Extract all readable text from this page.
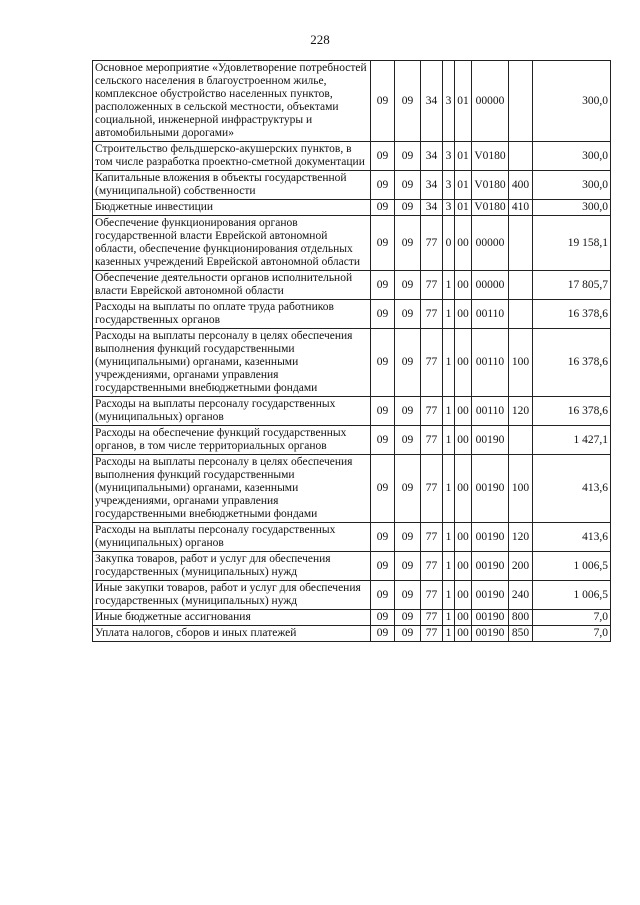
228
Основное мероприятие «Удовлетворение потребностей сельского населения в благоустроенном жилье, комплексное обустройство населенных пунктов, расположенных в сельской местности, объектами социальной, инженерной инфраструктуры и автомобильными дорогами»	09	09	34	3	01	00000		300,0
Строительство фельдшерско-акушерских пунктов, в том числе разработка проектно-сметной документации	09	09	34	3	01	V0180		300,0
Капитальные вложения в объекты государственной (муниципальной) собственности	09	09	34	3	01	V0180	400	300,0
Бюджетные инвестиции	09	09	34	3	01	V0180	410	300,0
Обеспечение функционирования органов государственной власти Еврейской автономной области, обеспечение функционирования отдельных казенных учреждений Еврейской автономной области	09	09	77	0	00	00000		19 158,1
Обеспечение деятельности органов исполнительной власти Еврейской автономной области	09	09	77	1	00	00000		17 805,7
Расходы на выплаты по оплате труда работников государственных органов	09	09	77	1	00	00110		16 378,6
Расходы на выплаты персоналу в целях обеспечения выполнения функций государственными (муниципальными) органами, казенными учреждениями, органами управления государственными внебюджетными фондами	09	09	77	1	00	00110	100	16 378,6
Расходы на выплаты персоналу государственных (муниципальных) органов	09	09	77	1	00	00110	120	16 378,6
Расходы на обеспечение функций государственных органов, в том числе территориальных органов	09	09	77	1	00	00190		1 427,1
Расходы на выплаты персоналу в целях обеспечения выполнения функций государственными (муниципальными) органами, казенными учреждениями, органами управления государственными внебюджетными фондами	09	09	77	1	00	00190	100	413,6
Расходы на выплаты персоналу государственных (муниципальных) органов	09	09	77	1	00	00190	120	413,6
Закупка товаров, работ и услуг для обеспечения государственных (муниципальных) нужд	09	09	77	1	00	00190	200	1 006,5
Иные закупки товаров, работ и услуг для обеспечения государственных (муниципальных) нужд	09	09	77	1	00	00190	240	1 006,5
Иные бюджетные ассигнования	09	09	77	1	00	00190	800	7,0
Уплата налогов, сборов и иных платежей	09	09	77	1	00	00190	850	7,0
